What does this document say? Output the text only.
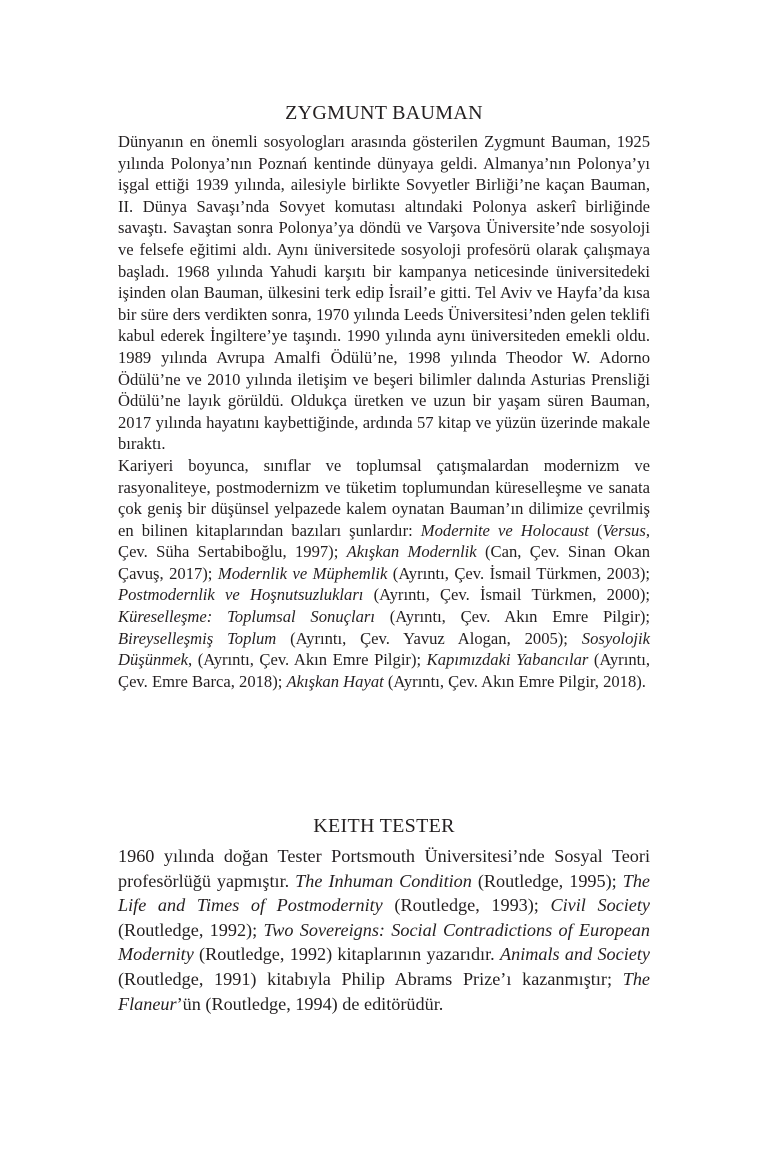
ZYGMUNT BAUMAN

Dünyanın en önemli sosyologları arasında gösterilen Zygmunt Bauman, 1925 yılında Polonya’nın Poznań kentinde dünyaya geldi. Almanya’nın Polonya’yı işgal ettiği 1939 yılında, ailesiyle birlikte Sovyetler Birliği’ne kaçan Bauman, II. Dünya Savaşı’nda Sovyet komutası altındaki Polonya askerî birliğinde savaştı. Savaştan sonra Polonya’ya döndü ve Varşova Üniversite’nde sosyoloji ve felsefe eğitimi aldı. Aynı üniversitede sosyoloji profesörü olarak çalışmaya başladı. 1968 yılında Yahudi karşıtı bir kampanya neticesinde üniversitedeki işinden olan Bauman, ülkesini terk edip İsrail’e gitti. Tel Aviv ve Hayfa’da kısa bir süre ders verdikten sonra, 1970 yılında Leeds Üniversitesi’nden gelen teklifi kabul ederek İngiltere’ye taşındı. 1990 yılında aynı üniversiteden emekli oldu. 1989 yılında Avrupa Amalfi Ödülü’ne, 1998 yılında Theodor W. Adorno Ödülü’ne ve 2010 yılında iletişim ve beşeri bilimler dalında Asturias Prensliği Ödülü’ne layık görüldü. Oldukça üretken ve uzun bir yaşam süren Bauman, 2017 yılında hayatını kaybettiğinde, ardında 57 kitap ve yüzün üzerinde makale bıraktı.

Kariyeri boyunca, sınıflar ve toplumsal çatışmalardan modernizm ve rasyonaliteye, postmodernizm ve tüketim toplumundan küreselleşme ve sanata çok geniş bir düşünsel yelpazede kalem oynatan Bauman’ın dilimize çevrilmiş en bilinen kitaplarından bazıları şunlardır: Modernite ve Holocaust (Versus, Çev. Süha Sertabiboğlu, 1997); Akışkan Modernlik (Can, Çev. Sinan Okan Çavuş, 2017); Modernlik ve Müphemlik (Ayrıntı, Çev. İsmail Türkmen, 2003); Postmodernlik ve Hoşnutsuzlukları (Ayrıntı, Çev. İsmail Türkmen, 2000); Küreselleşme: Toplumsal Sonuçları (Ayrıntı, Çev. Akın Emre Pilgir); Bireyselleşmiş Toplum (Ayrıntı, Çev. Yavuz Alogan, 2005); Sosyolojik Düşünmek, (Ayrıntı, Çev. Akın Emre Pilgir); Kapımızdaki Yabancılar (Ayrıntı, Çev. Emre Barca, 2018); Akışkan Hayat (Ayrıntı, Çev. Akın Emre Pilgir, 2018).

KEITH TESTER

1960 yılında doğan Tester Portsmouth Üniversitesi’nde Sosyal Teori profesörlüğü yapmıştır. The Inhuman Condition (Routledge, 1995); The Life and Times of Postmodernity (Routledge, 1993); Civil Society (Routledge, 1992); Two Sovereigns: Social Contradictions of European Modernity (Routledge, 1992) kitaplarının yazarıdır. Animals and Society (Routledge, 1991) kitabıyla Philip Abrams Prize’ı kazanmıştır; The Flaneur’ün (Routledge, 1994) de editörüdür.
